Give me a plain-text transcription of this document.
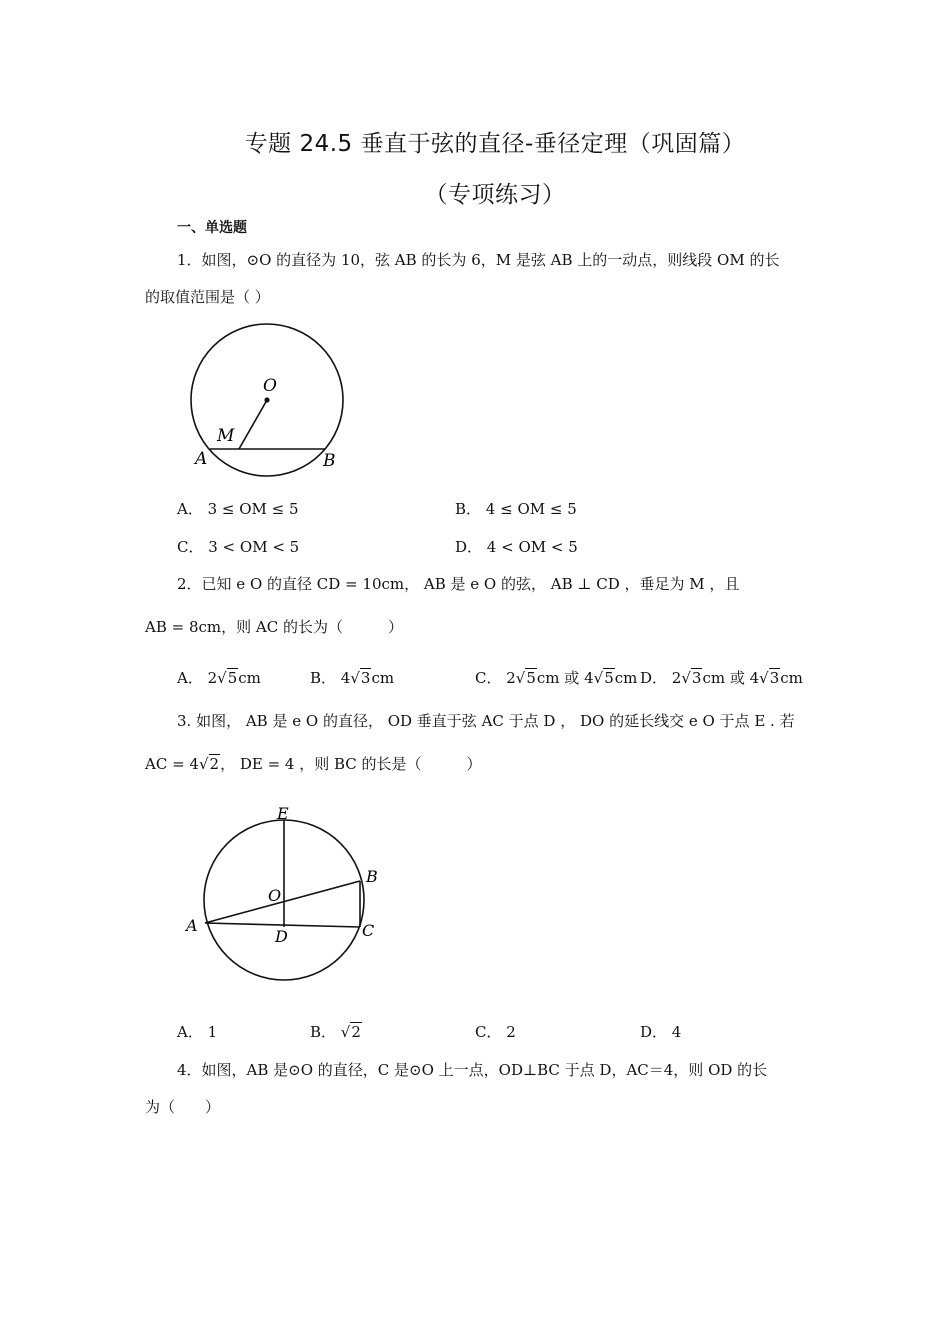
专题 24.5 垂直于弦的直径-垂径定理（巩固篇）
（专项练习）
一、单选题
1．如图，⊙O 的直径为 10，弦 AB 的长为 6，M 是弦 AB 上的一动点，则线段 OM 的长
的取值范围是（ ）
O
M
A	B
A． 3 ≤ OM ≤ 5	B． 4 ≤ OM ≤ 5
C． 3 < OM < 5	D． 4 < OM < 5
2．已知 e O 的直径 CD = 10cm， AB 是 e O 的弦， AB ⊥ CD ，垂足为 M ，且
AB = 8cm，则 AC 的长为（　　　）
A． 2√5cm	B． 4√3cm	C． 2√5cm 或 4√5cm D． 2√3cm 或 4√3cm
3. 如图， AB 是 e O 的直径， OD 垂直于弦 AC 于点 D ， DO 的延长线交 e O 于点 E . 若
AC = 4√2， DE = 4 ，则 BC 的长是（　　　）
E
B
O
A
D	C
A． 1	B． √2	C． 2	D． 4
4．如图，AB 是⊙O 的直径，C 是⊙O 上一点，OD⊥BC 于点 D，AC＝4，则 OD 的长
为（　　）
